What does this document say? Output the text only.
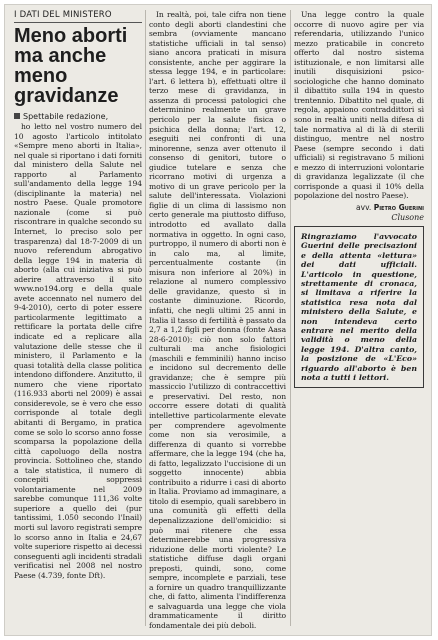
I DATI DEL MINISTERO
Meno aborti ma anche meno gravidanze
Spettabile redazione,

ho letto nel vostro numero del 10 agosto l'articolo intitolato «Sempre meno aborti in Italia», nel quale si riportano i dati forniti dal ministero della Salute nel rapporto al Parlamento sull'andamento della legge 194 (disciplinante la materia) nel nostro Paese. Quale promotore nazionale (come si può riscontrare in qualche secondo su Internet, lo preciso solo per trasparenza) dal 18-7-2009 di un nuovo referendum abrogativo della legge 194 in materia di aborto (alla cui iniziativa si può aderire attraverso il sito www.no194.org e della quale avete accennato nel numero del 9-4-2010), certo di poter essere particolarmente legittimato a rettificare la portata delle cifre indicate ed a replicare alla valutazione delle stesse che il ministero, il Parlamento e la quasi totalità della classe politica intendono diffondere. Anzitutto, il numero che viene riportato (116.933 aborti nel 2009) è assai considerevole, se è vero che esso corrisponde al totale degli abitanti di Bergamo, in pratica come se solo lo scorso anno fosse scomparsa la popolazione della città capoluogo della nostra provincia. Sottolineo che, stando a tale statistica, il numero di concepiti soppressi volontariamente nel 2009 sarebbe comunque 111,36 volte superiore a quello dei (pur tantissimi, 1.050 secondo l'Inail) morti sul lavoro registrati sempre lo scorso anno in Italia e 24,67 volte superiore rispetto ai decessi conseguenti agli incidenti stradali verificatisi nel 2008 nel nostro Paese (4.739, fonte Dft).

In realtà, poi, tale cifra non tiene conto degli aborti clandestini che sembra (ovviamente mancano statistiche ufficiali in tal senso) siano ancora praticati in misura consistente, anche per aggirare la stessa legge 194, e in particolare: l'art. 6 lettera b), effettuati oltre il terzo mese di gravidanza, in assenza di processi patologici che determinino realmente un grave pericolo per la salute fisica o psichica della donna; l'art. 12, eseguiti nei confronti di una minorenne, senza aver ottenuto il consenso di genitori, tutore o giudice tutelare e senza che ricorrano motivi di urgenza a motivo di un grave pericolo per la salute dell'interessata. Violazioni figlie di un clima di lassismo non certo generale ma piuttosto diffuso, introdotto ed avallato dalla normativa in oggetto. In ogni caso, purtroppo, il numero di aborti non è in calo ma, al limite, percentualmente costante (in misura non inferiore al 20%) in relazione al numero complessivo delle gravidanze, questo sì in costante diminuzione. Ricordo, infatti, che negli ultimi 25 anni in Italia il tasso di fertilità è passato da 2,7 a 1,2 figli per donna (fonte Aasa 28-6-2010): ciò non solo fattori culturali ma anche fisiologici (maschili e femminili) hanno inciso e incidono sul decremento delle gravidanze; che è sempre più massiccio l'utilizzo di contraccettivi e preservativi. Del resto, non occorre essere dotati di qualità intellettive particolarmente elevate per comprendere agevolmente come non sia verosimile, a differenza di quanto si vorrebbe affermare, che la legge 194 (che ha, di fatto, legalizzato l'uccisione di un soggetto innocente) abbia contribuito a ridurre i casi di aborto in Italia. Proviamo ad immaginare, a titolo di esempio, quali sarebbero in una comunità gli effetti della depenalizzazione dell'omicidio: si può mai ritenere che essa determinerebbe una progressiva riduzione delle morti violente? Le statistiche diffuse dagli organi preposti, quindi, sono, come sempre, incomplete e parziali, tese a fornire un quadro tranquillizzante che, di fatto, alimenta l'indifferenza e salvaguarda una legge che viola drammaticamente il diritto fondamentale dei più deboli.

Una legge contro la quale occorre di nuovo agire per via referendaria, utilizzando l'unico mezzo praticabile in concreto offerto dal nostro sistema istituzionale, e non limitarsi alle inutili disquisizioni psico-sociologiche che hanno dominato il dibattito sulla 194 in questo trentennio. Dibattito nel quale, di regola, appaiono contraddittori sì sono in realtà uniti nella difesa di tale normativa al di là di sterili distinguo, mentre nel nostro Paese (sempre secondo i dati ufficiali) si registravano 5 milioni e mezzo di interruzioni volontarie di gravidanza legalizzate (il che corrisponde a quasi il 10% della popolazione del nostro Paese).

avv. Pietro Guerini
Clusone
Ringraziamo l'avvocato Guerini delle precisazioni e della attenta «lettura» dei dati ufficiali. L'articolo in questione, strettamente di cronaca, si limitava a riferire la statistica resa nota dal ministero della Salute, e non intendeva certo entrare nel merito della validità o meno della legge 194. D'altra canto, la posizione de «L'Eco» riguardo all'aborto è ben nota a tutti i lettori.
